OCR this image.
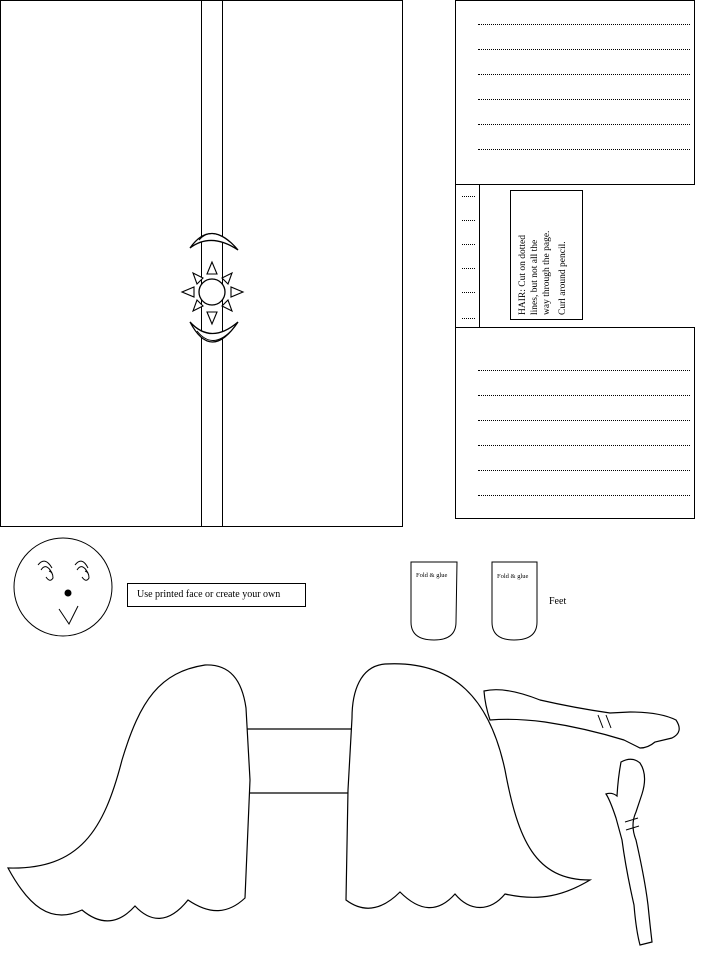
HAIR: Cut on dotted lines, but not all the way through the page. Curl around pencil.
Use printed face or create your own
Fold & glue	Fold & glue
Feet
